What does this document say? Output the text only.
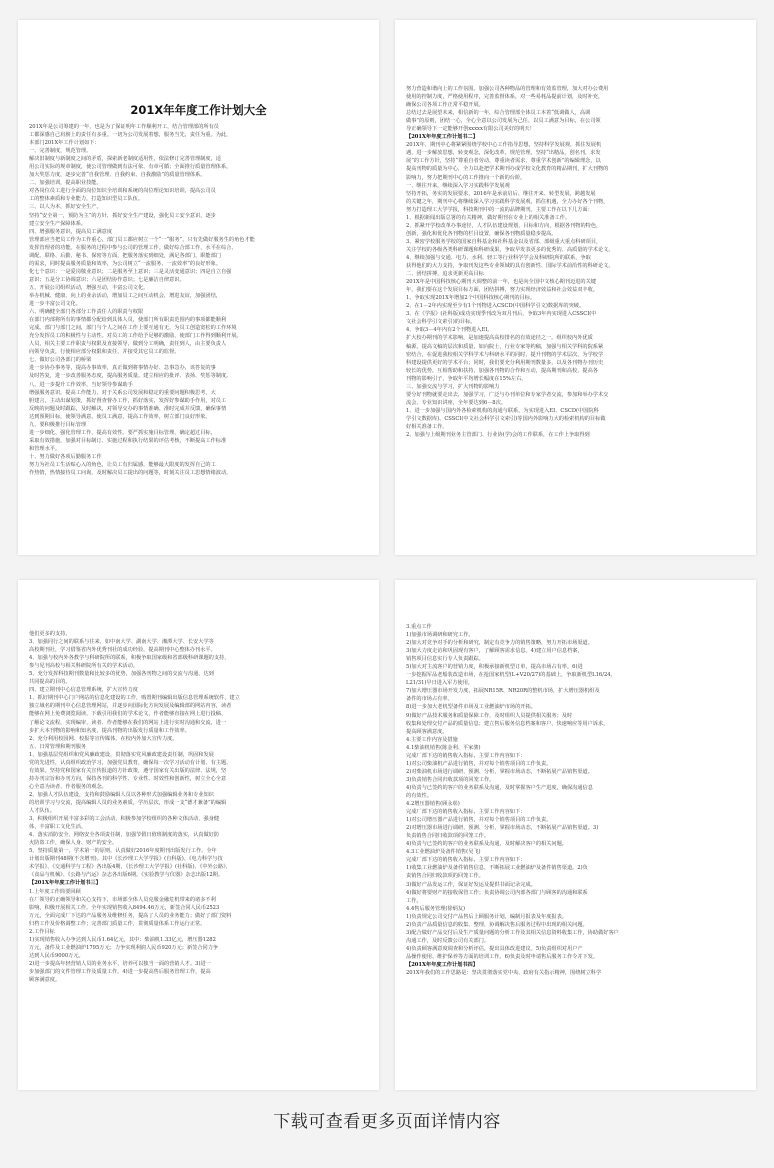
201X年年度工作计划大全
201X年是公司筹建的一年，也是为了保证明年工作顺利开工，结合管理部的所有员
工都深感自己肩膀上的责任有多重。一切为公司发展着想，服务当先，责任为重。为此，
本部门201X年工作计划如下：
一、完善制度，规范管理。
解决旧制度与新制度之间的矛盾，探索新老制度适用性，依法修订完善管理制度，适
用公司实际的规章制度，使公司管理做到有法可依、有章可循；全面推行质量管理体系，
加大奖惩力度，逐步完善“自我管理、自我约束、自我激励”的质量管理体系。
二、加强培训，提高职业技能。
对各岗位员工进行全面的岗位知识全培训和系统的岗位理论知识培训，提高公司员
工的整体素质和专业能力，打造知识型员工队伍。
三、以人为本，抓好安全生产。
坚持“安全第一，预防为主”的方针，抓好安全生产建设，强化员工安全意识，逐步
建立安全生产保障体系。
四、增强服务意识，提高员工满意度
管理部应当把员工作为工作重心，部门员工都应树立一个“一“服务”，只有先做好服务生的角色才能
发挥管理者的功能。在服务的过程中参与公司的管理工作。做好综合部工作，水平在综合、
调配、联络、后勤、秘书、保密等方面，把服务落实到细处，满足各部门、职能部门
的需求，同时提高服务质量和效率，为公司树立“一流服务、一流效率”的良好形象。
化七个意识：一是爱岗敬业意识；二是服务至上意识；三是灵活变通意识；四是自立自强
意识；五是分工协调意识；六是团结协作意识；七是廉洁自律意识。
五、开展公司组织活动，增强互动，丰富公司文化。
举办机械、健康、向上的业余活动，增加员工之间互动机会，增进友谊，加强团结，
进一步丰富公司文化。
六、明确健全部门各部分工作责任人的职责与权限
在部门内部将所有的事情都分配给到具体人员，使部门所有职责范围内的事项都能顺利
完成。部门与部门之间，部门与个人之间在工作上要互通有无，为员工创造宽松的工作环境
充分发挥员工的积极性与主动性。对员工的工作给予足够的激励，使部门工作得到顺利开展。
人员、相关主要工作职责与权限及直接领导，做到分工明确，责任到人，由主要负责人
向领导负责，行使相应部分权限和责任，并接受其它员工的监督。
七、做好公司各部门的桥梁
进一步协办事务等，提高办事效率，真正做到将事情办好、急事急办，该答复的事
及时答复，进一步改善服务态度，提高服务质量。建立相应的批评、表扬、奖惩等制度。
八、进一步提升工作效率，当好领导参谋助手
增强服务意识，提高工作能力，对于关系公司发展和稳定的重要问题积极思考，大
胆建言，主动出谋划策，抓好督查督办工作，抓好落实，发挥好参谋助手作用，对员工
反映的问题及时跟踪，及时解决，对领导交办的事情准确、准时完成并反馈，确保事情
达到预期目标，使领导满意，使员工满意，提高工作效率，树立部门良好形象。
九、要积极推行目标管理
进一步细化、强化管理工作，提高有效性。要严抓实施目标管理，确定超过目标，
采取有效措施，加强对目标制订、实施过程和执行结果的评估考核，不断提高工作标准
和管理水平。
十、努力做好各项后勤服务工作
努力为社员工生活贴心入的角色，让员工有归属感，能够最大限度的发挥自己的工
作热情，热情接待员工问询，及时解决员工提出的问题等，时刻关注员工思想情绪波动，
努力营造和谐向上的工作氛围。加强公司各种物品的管理和有效监管理，加大对办公费用
使用的控制力度，严格使用程序，完善监督体系，对一些易耗品提前计划，及时补充，
确保公司各项工作正常平稳开展。
总结过去是展望未来，相信新的一年，综合管理部全体员工本着“低调做人，高调
做事”的原则，团结一心，全心全意以公司发展为己任，以员工满意为目标，在公司领
导正确领导下一定能够开创xxxxx有限公司美好的明天！
【201X年年度工作计划书二】
201X年，期刊中心将紧紧围绕学校中心工作指导思想，坚持科学发展观，抓住发展机
遇，进一步解放思想，转变观念，深化改革，规范管理，坚持“出精品，创名刊，求发
展”的工作方针，坚持“尊重自者劳动，尊重读者需求，尊重学术创新”的编辑理念，以
提高刊物的质量为中心，全力以赴把学术期刊办成学校文化教育的精品期刊，扩大刊物的
影响力，努力把期刊中心的工作推向一个新的台阶。
一、继往开来，继续深入学习实践科学发展观
坚持开拓，务实的发展要求，2016年是承前启后、继往开来、转型发展，跨越发展
的关键之年，期刊中心将继续深入学习实践科学发展观，抓住机遇，全力办好各个刊物，
努力打造理工大学学报，科技期刊中的一流的品牌期刊。主要工作在以下几方面：
1、根据新闻出版总署的有关精神，做好期刊在专业上的相关准备工作。
2、抓紧开学校改革办事途径，人才队伍建设规划，目标和方向，根据各刊物的特色，
创新，强化和优化各刊物的栏目设置，确保各刊物质量稳步提高。
3、紧密学校服务学校的国家自科基金和社科基金以及省部、部级重大重点科研项目，
关注学校的各级各类科研课题和科研成果，争取早发表更多的优秀的、高质量的学术论文。
4、继续加强与交通、电力、水利、轻工等行业科学学会及科研院所的联系，争取
获得他们的大力支持，争取刊发这些专业领域的具有创新性、国际学术前沿性的科研论文。
二、团结拼搏，追求更新更高目标
201X年是中国科技核心期刊大调整的前一年，也是向全国中文核心期刊迈进的关键
年，我们要在这个发展目标方面，团结拼搏，努力实现经济效益和社会效益双丰收。
1、争取实现201X年增加2个中国科技核心期刊的目标。
2、在1－2年内实现至少有1个刊物进入CSCD(中国科学引文)数据库的突破。
3、在《学报》(社科版)成功实现季刊改为双月刊后，争取3年内实现进入CSSCI(中
文社会科学引文索引)的目标。
4、争取3－4年内有2个刊物进入EI。
扩大校办期刊的学术影响，是加速提高高校排名的有效途径之一。组织校内外优质
稿源，提高文稿的层次和质量，如向院士，行业专家等约稿，加强与相关学科的院系紧
密结合，在促进我校相关学科学术与科研水平的同时，提升刊物的学术层次，为学校学
科建设提供更好的学术平台；同时，我们要充分利用期刊数量多，以及各刊物办刊历史
较长的优势，互相帮助和扶持，加强各刊物的合作和互动，提高期刊和高校，提高各
刊物的影响引子，争取年平均增长幅度在15%左右。
三、加强交流与学习，扩大刊物的影响力
要分好刊物就要走出去，加强学习，广泛与办刊单位和专家学者交流，参加和举办学术交
流会、专业知识讲座，全年要达到6－8次。
1、进一步加强与国内外各检索机构的沟通与联系，为实现进入EI、CSCD(中国院科
学引文数据库)、CSSCI(中文社会科学引文索引)等国内外影响力大的检索机构的目标做
好相关准备工作。
2、加强与上级期刊业务主管部门、行业协(学)会的工作联系，在工作上争取得到
他们更多的支持。
3、加强同行之间的联系与往来，如中南大学、湖南大学、湘潭大学、长安大学等
高校期刊社，学习借鉴省内外优秀刊社的成功经验，提高期刊中心整体办刊水平。
4、加强与校内外各教学与科研院所的联系，积极争取国家级和省部级科研课题的支持，
参与见刊高校与相关科研院所有关的学术活动。
5、充分发挥科技期刊数量和比较多的优势，加强各刊物之间的交流与沟通，达到
共同提高的目的。
四、建立期刊中心信息管理系统，扩大宣传力度
1、抓好期刊中心门户网站的信息化建设的工作，购置期刊编辑出版信息管理系统软件，建立
独立域名的期刊中心信息管理网站，并逐步向国际化方向发展及编辑部的网站内容，读者
能够在网上免费浏览阅读、下载引用我们的学术论文，作者能够直接在网上进行投稿、
了解论文流程，实现编审、读者、作者能够在我们的网站上进行实时沟通和交流，进一
步扩大本刊物的影响和知名度，提高刊物的出版发行质量和工作效率。
2、充分利用校园网、校报等宣传媒体，在校内外加大宣传力度。
五、日常管理和期刊服务
1、加强基层党组织和党风廉政建设，贯彻落实党风廉政建设责任制，巩固和发展
党的先进性，认真组织政治学习，加强党员教育，确保每一次学习活动有计划、有主题、
有效果。坚持党和国家有关宣传报道的方针政策，遵守国家有关出版的法律、法规，坚
持办刊宗旨和办刊方向，保持各刊的科学性、专业性、时效性和创新性，树立全心全意
心全意为读者、作者服务的观念。
2、加强人才队伍建设，支持和鼓励编辑人员以各种形式加强编辑业务和专业知识
的培训学习与交流，提高编辑人员的业务素质，学历层次，形成一支“德才兼备”的编辑
人才队伍。
3、积极组织开展丰富多彩的工会活动，积极参加学校组织的各种文体活动，强身健
体，丰富职工文化生活。
4、落实消防安全、网络安全各项责任制，加强节假日值班制度的落实，认真做好防
火防盗工作，确保人身、财产的安全。
5、坚持质量第一，学术第一的原则，认真做好2016年度期刊出版发行工作。全年
计划出版期刊48期(不含增刊)。其中《长沙理工大学学报》(自科版)、《电力科学与技
术学报》、《交通科学与工程》各出版4期，《长沙理工大学学报》(社科版)、《中外公路》、
《食品与机械》、《公路与汽运》杂志各出版6期。《实验教学与仪器》杂志出版12期。
【201X年年度工作计划书三】
1.上年度工作简要回顾
在厂领导的正确领导和关心支持下，市场部全体人员克服金融危机带来的诸多不利
影响，积极开展相关工作。全年实现销售收入8494.46万元，新签合同人民币2523
万元，全面完成厂下达的产品服务及维修任务，提高了人员的业务能力；做好了部门资料
归档工作及价格调整工作；完善部门质量工作，贯彻质量体系工作运行正常。
2.工作目标
1)实现销售收入办争达到人民币1.64亿元，其中：柴油机1.33亿元，增压器1282
万元，备件及工业燃油炉1795万元；力争实现利润人民币920万元；新签合同力争
达到人民币9000万元。
2)进一步提高年轻营销人员的业务水平，培养可以独当一面的营销人才。3)进一
步加强部门的文件管理工作及质量工作。4)进一步提高售后服务管理工作，提高
顾客满意度。
3.重点工作
1)加强市场调研和研究工作。
2)加大对竞争对手的分析和研究，制定有竞争力的销售策略，努力开拓市场渠道。
3)加大力度走访和巩固现有客户，了解顾客需求信息。4)建立用户信息档案，
销售项目信息实行专人负责跟踪。
5)加大对主流客户的营销力度，积极承接新机型订单，提高市场占有率。6)进
一步挖掘军品老船装改造市场，在抢国家机型(L+V20/27)的基础上，争取新机型L16/24、
L21/31)早日进入军方使用。
7)加大增压器市场开发力度，拓展NR15R、NR20R的整机市场，扩大增压器机组及
备件的市场占有率。
8)进一步加大老机型备件市场及工业燃油炉市场的开拓。
9)做好产品技术服务和质量保障工作，及时组织人员提供相关服务；及时
收集和处理交付产品的质量信息；建立售后服务信息档案和客户，快速响应等用户诉求，
提高顾客满意度。
4.主要工作内容及措施
4.1柴油机销售(陈金利、平家骏)
完成厂部下达的销售收入指标，主要工作内容如下：
1)对公司柴油机产品进行销售，并对每个销售项目的工作负责。
2)对柴油机市场进行调研、预测、分析，掌握市场动态，不断拓展产品销售渠道。
3)负责销售合同归收款项的回笼工作。
4)负责与已签约的客户的业务联系及沟通，及时掌握客户生产进度，确保沟通信息
的有效性。
4.2增压器销售(顾永彰)
完成厂部下达的销售收入指标，主要工作内容如下：
1)对公司增压器产品进行销售，并对每个销售项目的工作负责。
2)对增压器市场进行调研、预测、分析，掌握市场动态，不断拓展产品销售渠道。3)
负责销售合同归收款项的回笼工作。
4)负责与已签约的客户的业务联系及沟通，及时解决客户的相关问题。
4.3工业燃油炉及备件销售(吴飞)
完成厂部下达的销售收入指标，主要工作内容如下：
1)收集工业燃油炉及备件销售信息，不断拓展工业燃油炉及备件销售渠道。2)负
责销售合同归收款项的回笼工作。
3)做好产品发运工作，保证好发运及提供书面记录完成。
4)做好将要财产的接收保管工作；负责协调公司内部各部门与顾客的沟通和联系
工作。
4.4售后服务管理(徐炳友)
1)负责规定公司交付产品售后上顾服务计划，编制月报表及年度报表。
2)负责产品质量信息的收集、整理，协调解决售后服务过程中出现的相关问题。
3)配合做好产品交付后及生产质量问题的分析工作及其相关信息资料收集工作，协助做好客户
沟通工作，及时反馈公司有关部门。
4)负责顾客满意度调查和分析评估，提出具体改进建议。5)负责组织对用户产
品操作使用、维护保养等方面的培训工作。6)负责及时申请售后服务工作令并下发。
【201X年年度工作计划书四】
201X年我们的工作思路是：坚决贯彻落实党中央、政府有关指示精神，围绕树立科学
下载可查看更多页面详情内容
